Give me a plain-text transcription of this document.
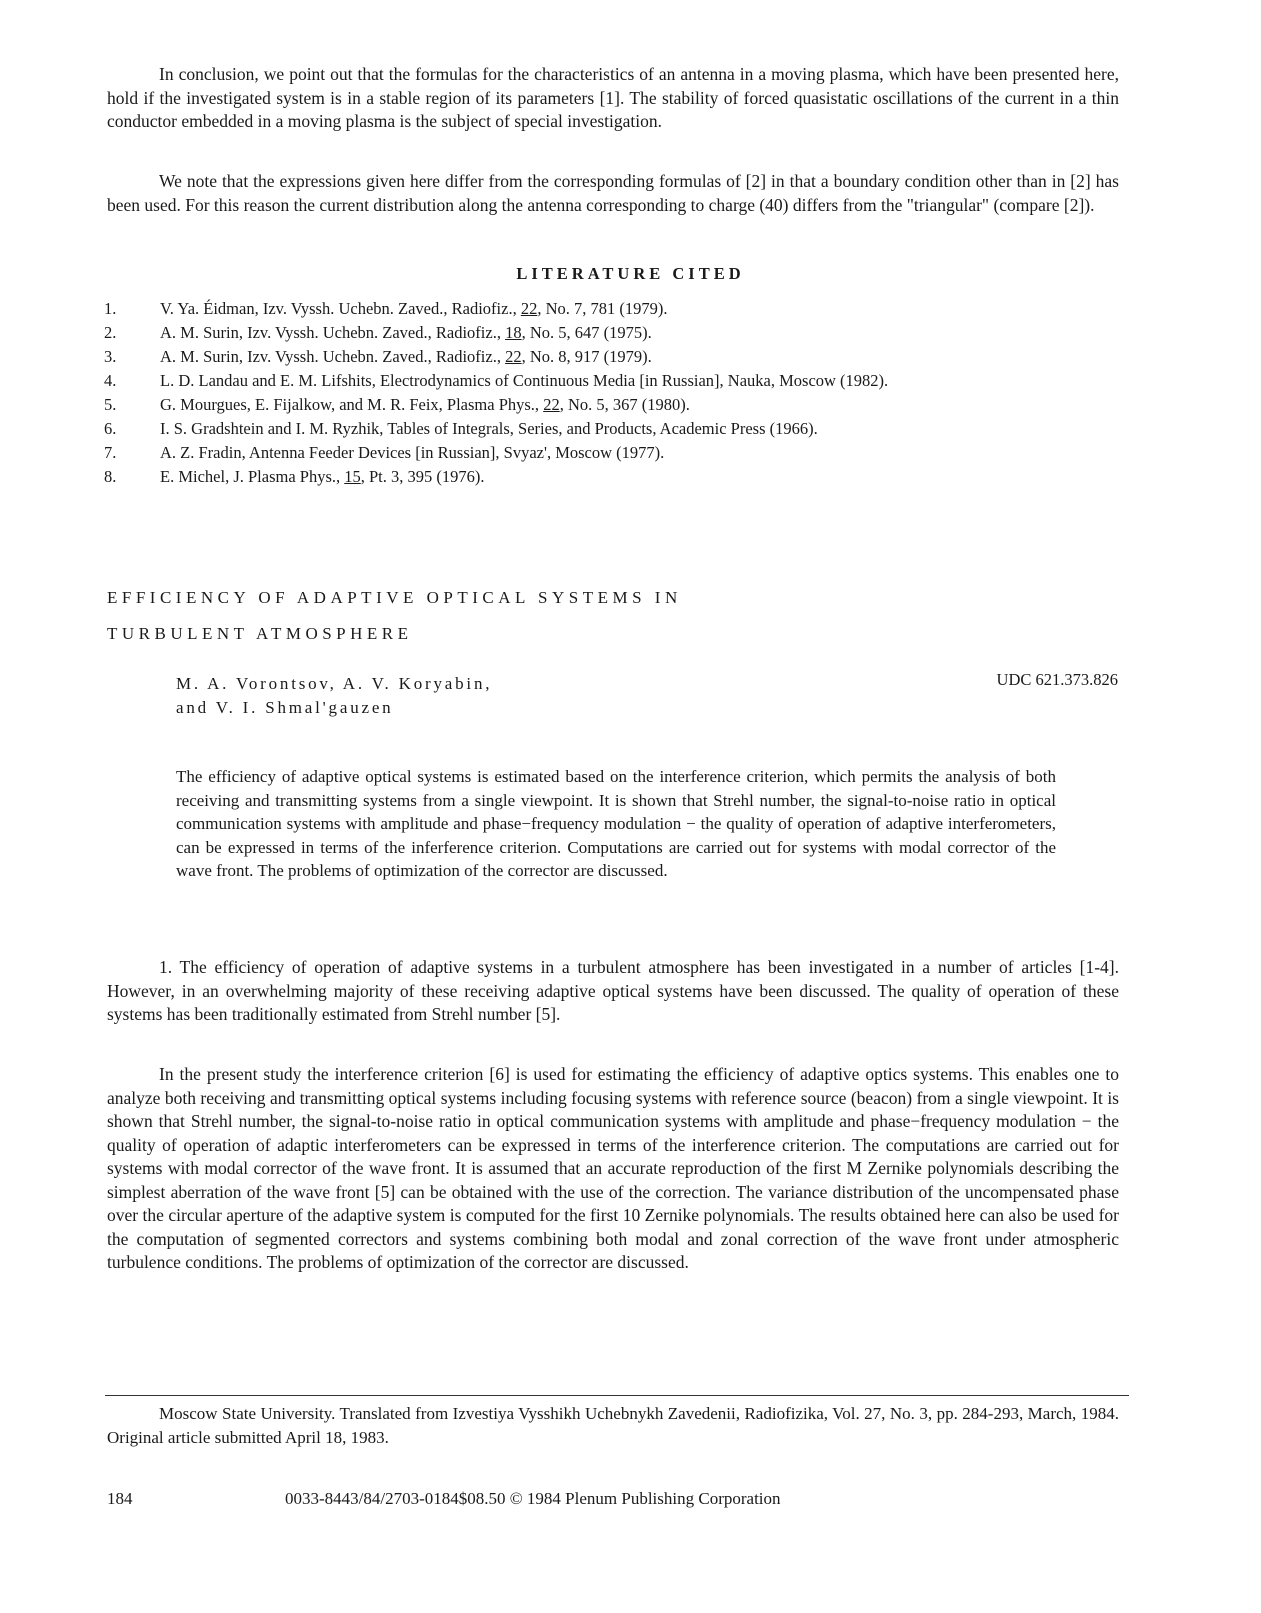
In conclusion, we point out that the formulas for the characteristics of an antenna in a moving plasma, which have been presented here, hold if the investigated system is in a stable region of its parameters [1]. The stability of forced quasistatic oscillations of the current in a thin conductor embedded in a moving plasma is the subject of special investigation.

We note that the expressions given here differ from the corresponding formulas of [2] in that a boundary condition other than in [2] has been used. For this reason the current distribution along the antenna corresponding to charge (40) differs from the "triangular" (compare [2]).

LITERATURE CITED
1.	V. Ya. Éidman, Izv. Vyssh. Uchebn. Zaved., Radiofiz., 22, No. 7, 781 (1979).
2.	A. M. Surin, Izv. Vyssh. Uchebn. Zaved., Radiofiz., 18, No. 5, 647 (1975).
3.	A. M. Surin, Izv. Vyssh. Uchebn. Zaved., Radiofiz., 22, No. 8, 917 (1979).
4.	L. D. Landau and E. M. Lifshits, Electrodynamics of Continuous Media [in Russian], Nauka, Moscow (1982).
5.	G. Mourgues, E. Fijalkow, and M. R. Feix, Plasma Phys., 22, No. 5, 367 (1980).
6.	I. S. Gradshtein and I. M. Ryzhik, Tables of Integrals, Series, and Products, Academic Press (1966).
7.	A. Z. Fradin, Antenna Feeder Devices [in Russian], Svyaz', Moscow (1977).
8.	E. Michel, J. Plasma Phys., 15, Pt. 3, 395 (1976).
EFFICIENCY OF ADAPTIVE OPTICAL SYSTEMS IN
TURBULENT ATMOSPHERE
M. A. Vorontsov, A. V. Koryabin,
and V. I. Shmal'gauzen
UDC 621.373.826

The efficiency of adaptive optical systems is estimated based on the interference criterion, which permits the analysis of both receiving and transmitting systems from a single viewpoint. It is shown that Strehl number, the signal-to-noise ratio in optical communication systems with amplitude and phase−frequency modulation − the quality of operation of adaptive interferometers, can be expressed in terms of the inferference criterion. Computations are carried out for systems with modal corrector of the wave front. The problems of optimization of the corrector are discussed.

1. The efficiency of operation of adaptive systems in a turbulent atmosphere has been investigated in a number of articles [1-4]. However, in an overwhelming majority of these receiving adaptive optical systems have been discussed. The quality of operation of these systems has been traditionally estimated from Strehl number [5].

In the present study the interference criterion [6] is used for estimating the efficiency of adaptive optics systems. This enables one to analyze both receiving and transmitting optical systems including focusing systems with reference source (beacon) from a single viewpoint. It is shown that Strehl number, the signal-to-noise ratio in optical communication systems with amplitude and phase−frequency modulation − the quality of operation of adaptic interferometers can be expressed in terms of the interference criterion. The computations are carried out for systems with modal corrector of the wave front. It is assumed that an accurate reproduction of the first M Zernike polynomials describing the simplest aberration of the wave front [5] can be obtained with the use of the correction. The variance distribution of the uncompensated phase over the circular aperture of the adaptive system is computed for the first 10 Zernike polynomials. The results obtained here can also be used for the computation of segmented correctors and systems combining both modal and zonal correction of the wave front under atmospheric turbulence conditions. The problems of optimization of the corrector are discussed.

Moscow State University. Translated from Izvestiya Vysshikh Uchebnykh Zavedenii, Radiofizika, Vol. 27, No. 3, pp. 284-293, March, 1984. Original article submitted April 18, 1983.

184	0033-8443/84/2703-0184$08.50 © 1984 Plenum Publishing Corporation
